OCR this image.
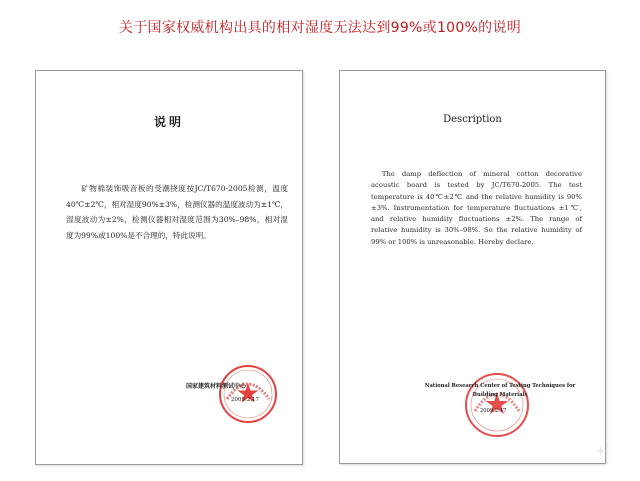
关于国家权威机构出具的相对湿度无法达到99%或100%的说明
说明
矿物棉装饰吸音板的受潮挠度按JC/T670-2005检测，温度40℃±2℃，相对湿度90%±3%，检测仪器的温度波动为±1℃，湿度波动为±2%，检测仪器相对湿度范围为30%–98%，相对湿度为99%或100%是不合理的，特此说明。
国家建筑材料测试中心
2009.2.17
Description
The damp deflection of mineral cotton decorative acoustic board is tested by JC/T670-2005. The test temperature is 40℃±2℃ and the relative humidity is 90%±3%. Instrumentation for temperature fluctuations ±1℃, and relative humidity fluctuations ±2%. The range of relative humidity is 30%–98%. So the relative humidity of 99% or 100% is unreasonable. Hereby declare.
National Research Center of Testing Techniques for Building Materials
2009.2.17
